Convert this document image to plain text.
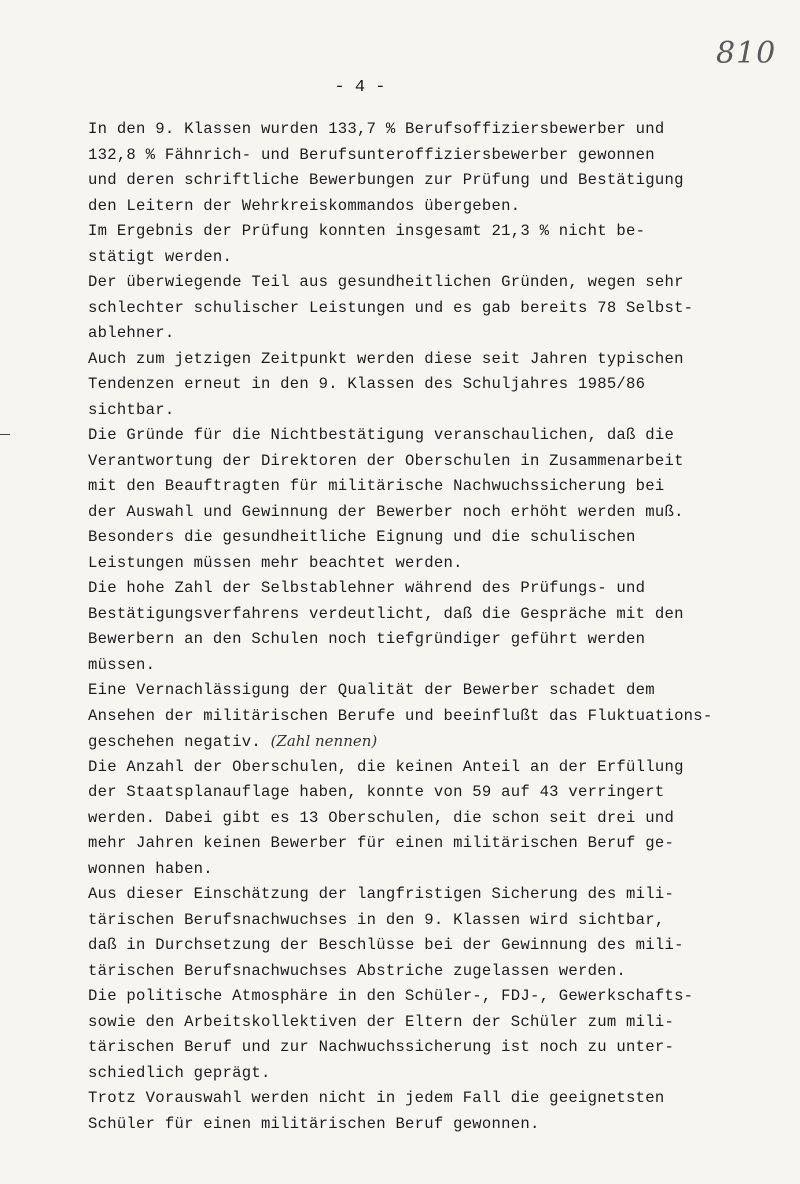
810
- 4 -
In den 9. Klassen wurden 133,7 % Berufsoffiziersbewerber und
132,8 % Fähnrich- und Berufsunteroffiziersbewerber gewonnen
und deren schriftliche Bewerbungen zur Prüfung und Bestätigung
den Leitern der Wehrkreiskommandos übergeben.
Im Ergebnis der Prüfung konnten insgesamt 21,3 % nicht be-
stätigt werden.
Der überwiegende Teil aus gesundheitlichen Gründen, wegen sehr
schlechter schulischer Leistungen und es gab bereits 78 Selbst-
ablehner.
Auch zum jetzigen Zeitpunkt werden diese seit Jahren typischen
Tendenzen erneut in den 9. Klassen des Schuljahres 1985/86
sichtbar.
Die Gründe für die Nichtbestätigung veranschaulichen, daß die
Verantwortung der Direktoren der Oberschulen in Zusammenarbeit
mit den Beauftragten für militärische Nachwuchssicherung bei
der Auswahl und Gewinnung der Bewerber noch erhöht werden muß.
Besonders die gesundheitliche Eignung und die schulischen
Leistungen müssen mehr beachtet werden.
Die hohe Zahl der Selbstablehner während des Prüfungs- und
Bestätigungsverfahrens verdeutlicht, daß die Gespräche mit den
Bewerbern an den Schulen noch tiefgründiger geführt werden
müssen.
Eine Vernachlässigung der Qualität der Bewerber schadet dem
Ansehen der militärischen Berufe und beeinflußt das Fluktuations-
geschehen negativ. (Zahl nennen)
Die Anzahl der Oberschulen, die keinen Anteil an der Erfüllung
der Staatsplanauflage haben, konnte von 59 auf 43 verringert
werden. Dabei gibt es 13 Oberschulen, die schon seit drei und
mehr Jahren keinen Bewerber für einen militärischen Beruf ge-
wonnen haben.
Aus dieser Einschätzung der langfristigen Sicherung des mili-
tärischen Berufsnachwuchses in den 9. Klassen wird sichtbar,
daß in Durchsetzung der Beschlüsse bei der Gewinnung des mili-
tärischen Berufsnachwuchses Abstriche zugelassen werden.
Die politische Atmosphäre in den Schüler-, FDJ-, Gewerkschafts-
sowie den Arbeitskollektiven der Eltern der Schüler zum mili-
tärischen Beruf und zur Nachwuchssicherung ist noch zu unter-
schiedlich geprägt.
Trotz Vorauswahl werden nicht in jedem Fall die geeignetsten
Schüler für einen militärischen Beruf gewonnen.
